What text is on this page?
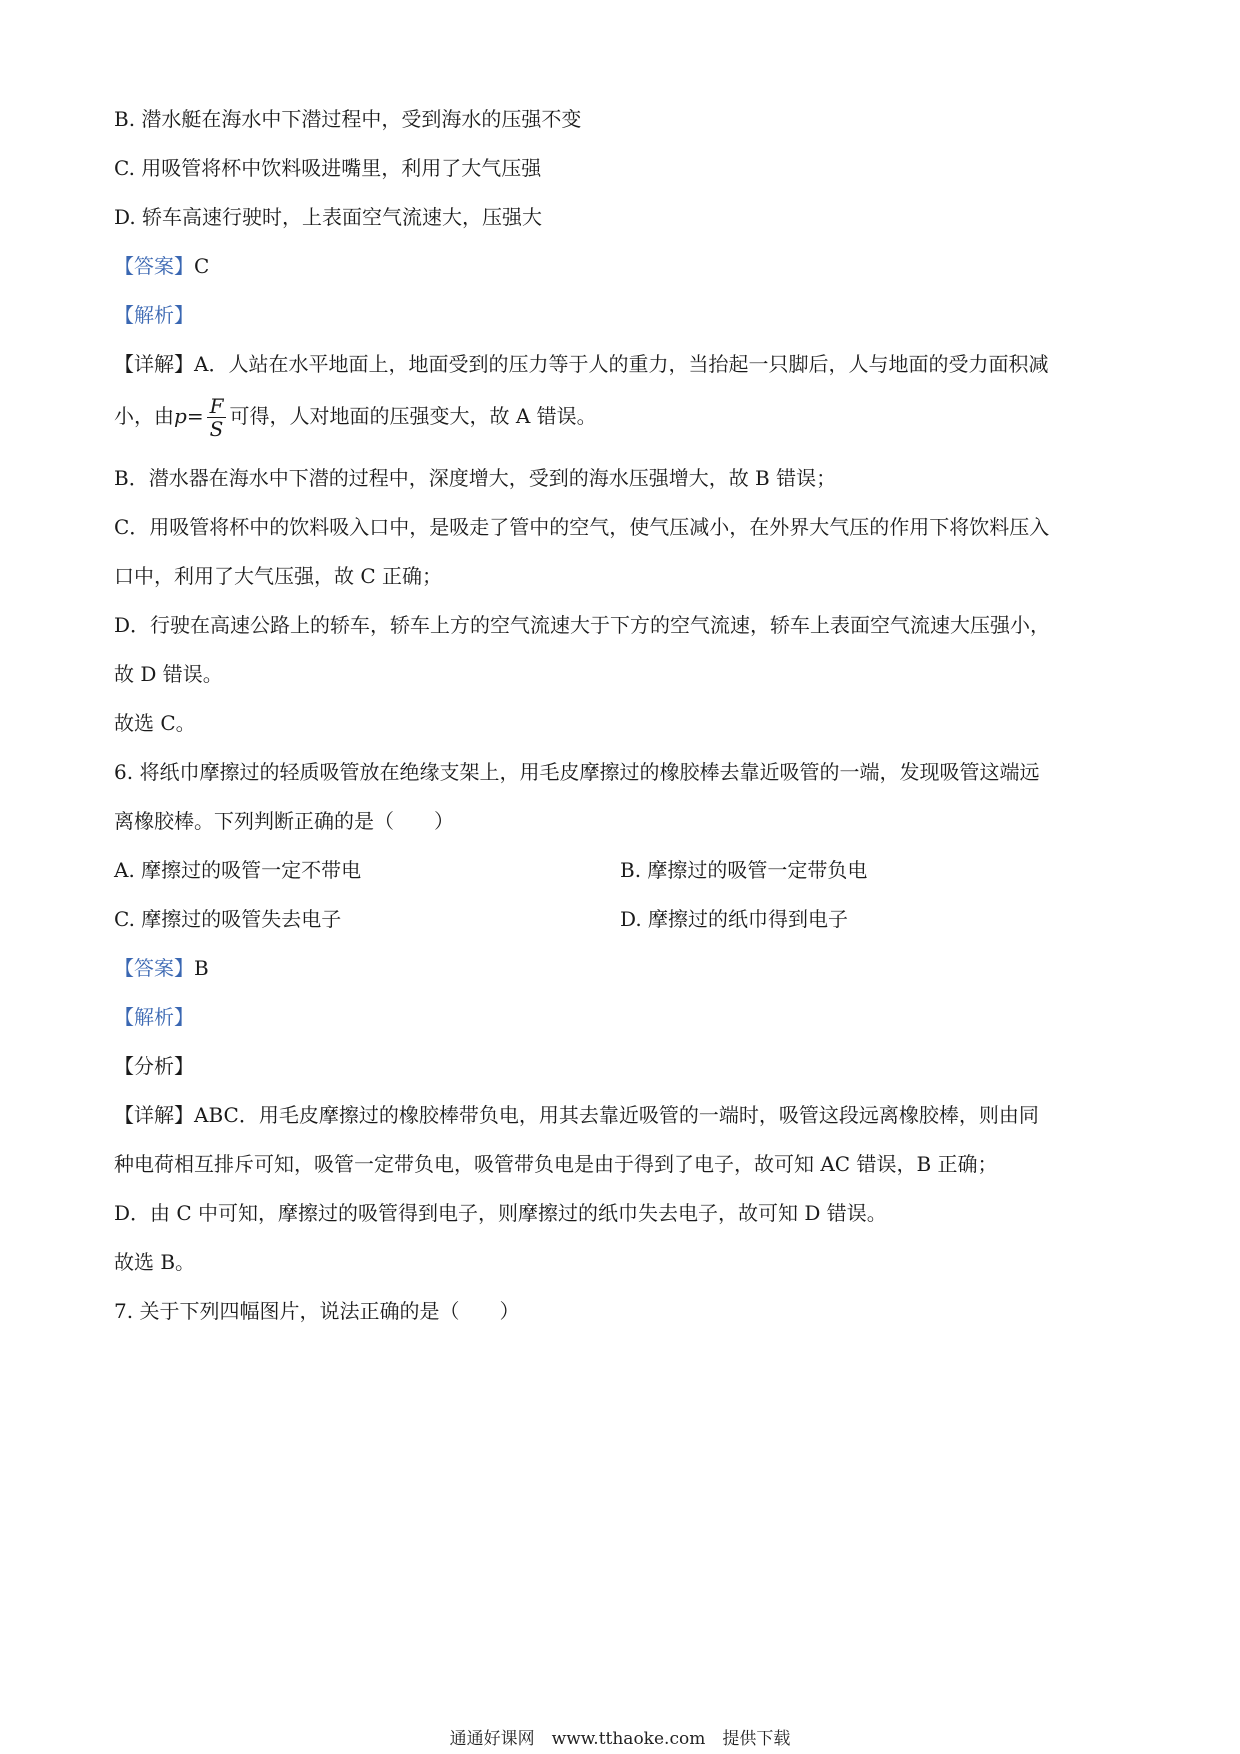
B. 潜水艇在海水中下潜过程中，受到海水的压强不变
C. 用吸管将杯中饮料吸进嘴里，利用了大气压强
D. 轿车高速行驶时，上表面空气流速大，压强大
【答案】C
【解析】
【详解】A．人站在水平地面上，地面受到的压力等于人的重力，当抬起一只脚后，人与地面的受力面积减
小，由$p= \frac{F}{S}$ 可得，人对地面的压强变大，故 A 错误。
B．潜水器在海水中下潜的过程中，深度增大，受到的海水压强增大，故 B 错误；
C．用吸管将杯中的饮料吸入口中，是吸走了管中的空气，使气压减小，在外界大气压的作用下将饮料压入
口中，利用了大气压强，故 C 正确；
D．行驶在高速公路上的轿车，轿车上方的空气流速大于下方的空气流速，轿车上表面空气流速大压强小，
故 D 错误。
故选 C。
6. 将纸巾摩擦过的轻质吸管放在绝缘支架上，用毛皮摩擦过的橡胶棒去靠近吸管的一端，发现吸管这端远
离橡胶棒。下列判断正确的是（　　）
A. 摩擦过的吸管一定不带电	B. 摩擦过的吸管一定带负电
C. 摩擦过的吸管失去电子	D. 摩擦过的纸巾得到电子
【答案】B
【解析】
【分析】
【详解】ABC．用毛皮摩擦过的橡胶棒带负电，用其去靠近吸管的一端时，吸管这段远离橡胶棒，则由同
种电荷相互排斥可知，吸管一定带负电，吸管带负电是由于得到了电子，故可知 AC 错误，B 正确；
D．由 C 中可知，摩擦过的吸管得到电子，则摩擦过的纸巾失去电子，故可知 D 错误。
故选 B。
7. 关于下列四幅图片，说法正确的是（　　）
通通好课网　www.tthaoke.com　提供下载
